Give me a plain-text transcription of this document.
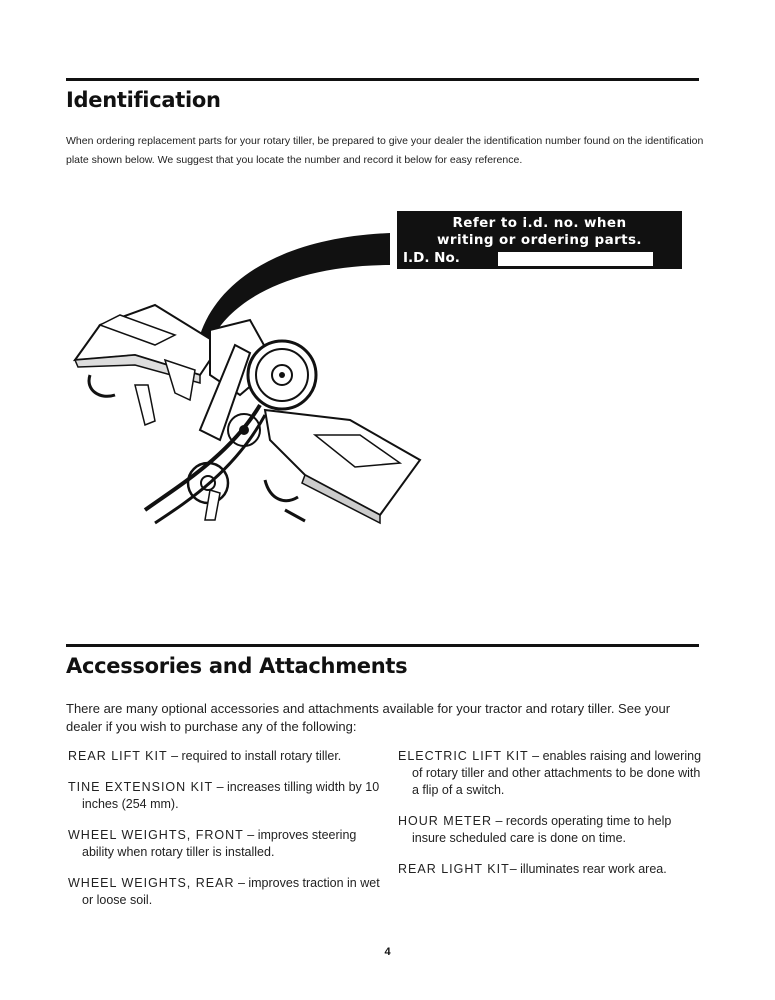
Identification

When ordering replacement parts for your rotary tiller, be prepared to give your dealer the identification number found on the identification plate shown below. We suggest that you locate the number and record it below for easy reference.

Refer to i.d. no. when
writing or ordering parts.
I.D. No.
Accessories and Attachments

There are many optional accessories and attachments available for your tractor and rotary tiller. See your dealer if you wish to purchase any of the following:

REAR LIFT KIT – required to install rotary tiller.

TINE EXTENSION KIT – increases tilling width by 10 inches (254 mm).

WHEEL WEIGHTS, FRONT – improves steering ability when rotary tiller is installed.

WHEEL WEIGHTS, REAR – improves traction in wet or loose soil.

ELECTRIC LIFT KIT – enables raising and lowering of rotary tiller and other attachments to be done with a flip of a switch.

HOUR METER – records operating time to help insure scheduled care is done on time.

REAR LIGHT KIT– illuminates rear work area.

4
